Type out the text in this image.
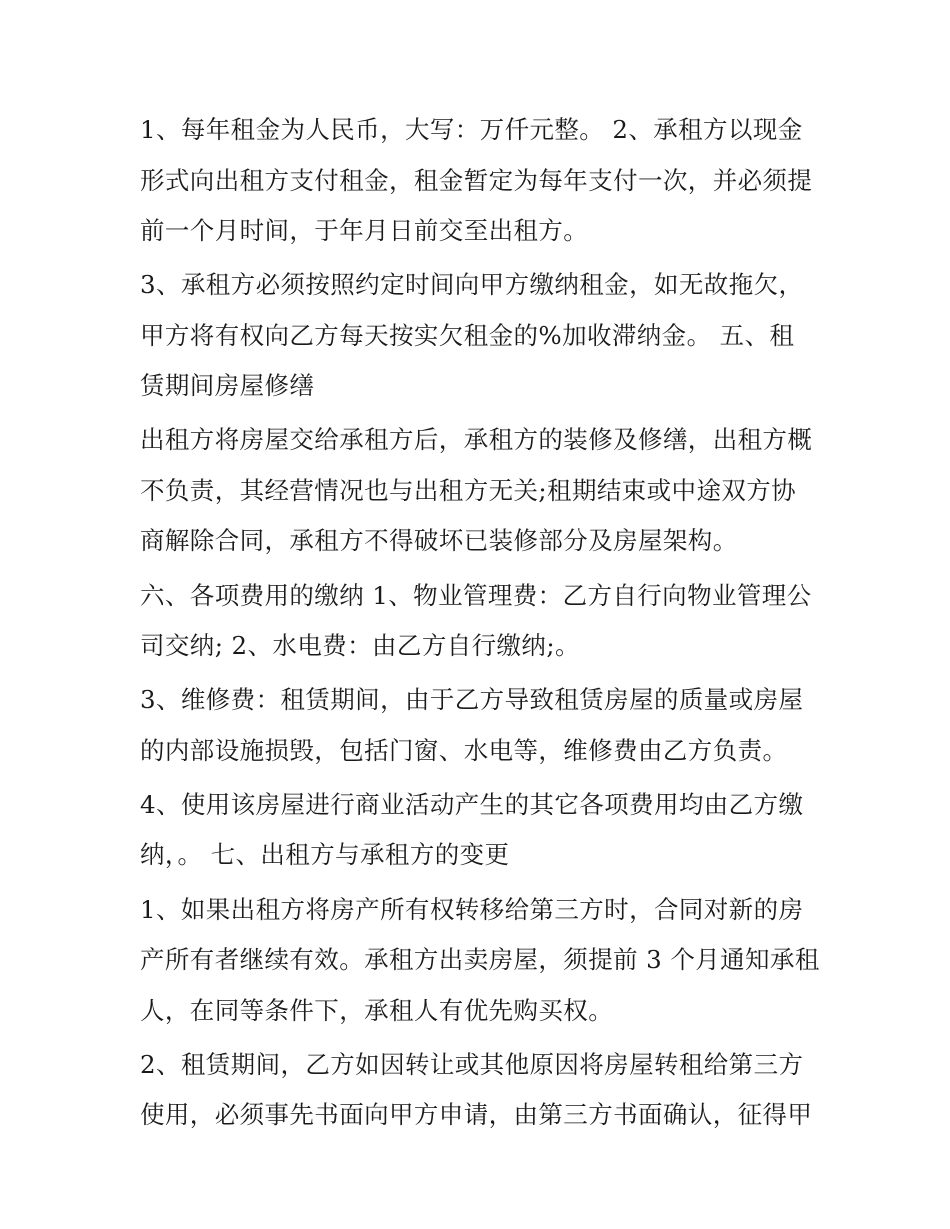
1、每年租金为人民币，大写：万仟元整。 2、承租方以现金
形式向出租方支付租金，租金暂定为每年支付一次，并必须提
前一个月时间，于年月日前交至出租方。
3、承租方必须按照约定时间向甲方缴纳租金，如无故拖欠，
甲方将有权向乙方每天按实欠租金的%加收滞纳金。 五、租
赁期间房屋修缮
出租方将房屋交给承租方后，承租方的装修及修缮，出租方概
不负责，其经营情况也与出租方无关;租期结束或中途双方协
商解除合同，承租方不得破坏已装修部分及房屋架构。
六、各项费用的缴纳 1、物业管理费：乙方自行向物业管理公
司交纳; 2、水电费：由乙方自行缴纳;。
3、维修费：租赁期间，由于乙方导致租赁房屋的质量或房屋
的内部设施损毁，包括门窗、水电等，维修费由乙方负责。
4、使用该房屋进行商业活动产生的其它各项费用均由乙方缴
纳，。 七、出租方与承租方的变更
1、如果出租方将房产所有权转移给第三方时，合同对新的房
产所有者继续有效。承租方出卖房屋，须提前 3 个月通知承租
人，在同等条件下，承租人有优先购买权。
2、租赁期间，乙方如因转让或其他原因将房屋转租给第三方
使用，必须事先书面向甲方申请，由第三方书面确认，征得甲
